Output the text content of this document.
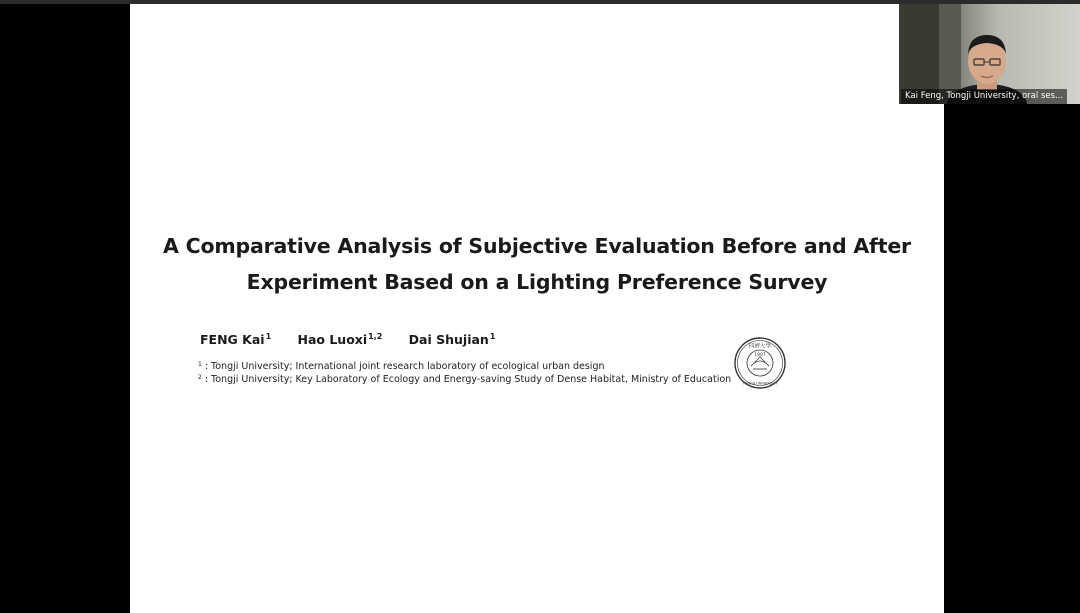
A Comparative Analysis of Subjective Evaluation Before and After
Experiment Based on a Lighting Preference Survey
FENG Kai$^1$ Hao Luoxi$^{1,2}$ Dai Shujian$^1$
$^1$ : Tongji University; International joint research laboratory of ecological urban design
$^2$ : Tongji University; Key Laboratory of Ecology and Energy-saving Study of Dense Habitat, Ministry of Education
同濟大學
1907
TONGJI UNIVERSITY
Kai Feng, Tongji University, oral ses...
